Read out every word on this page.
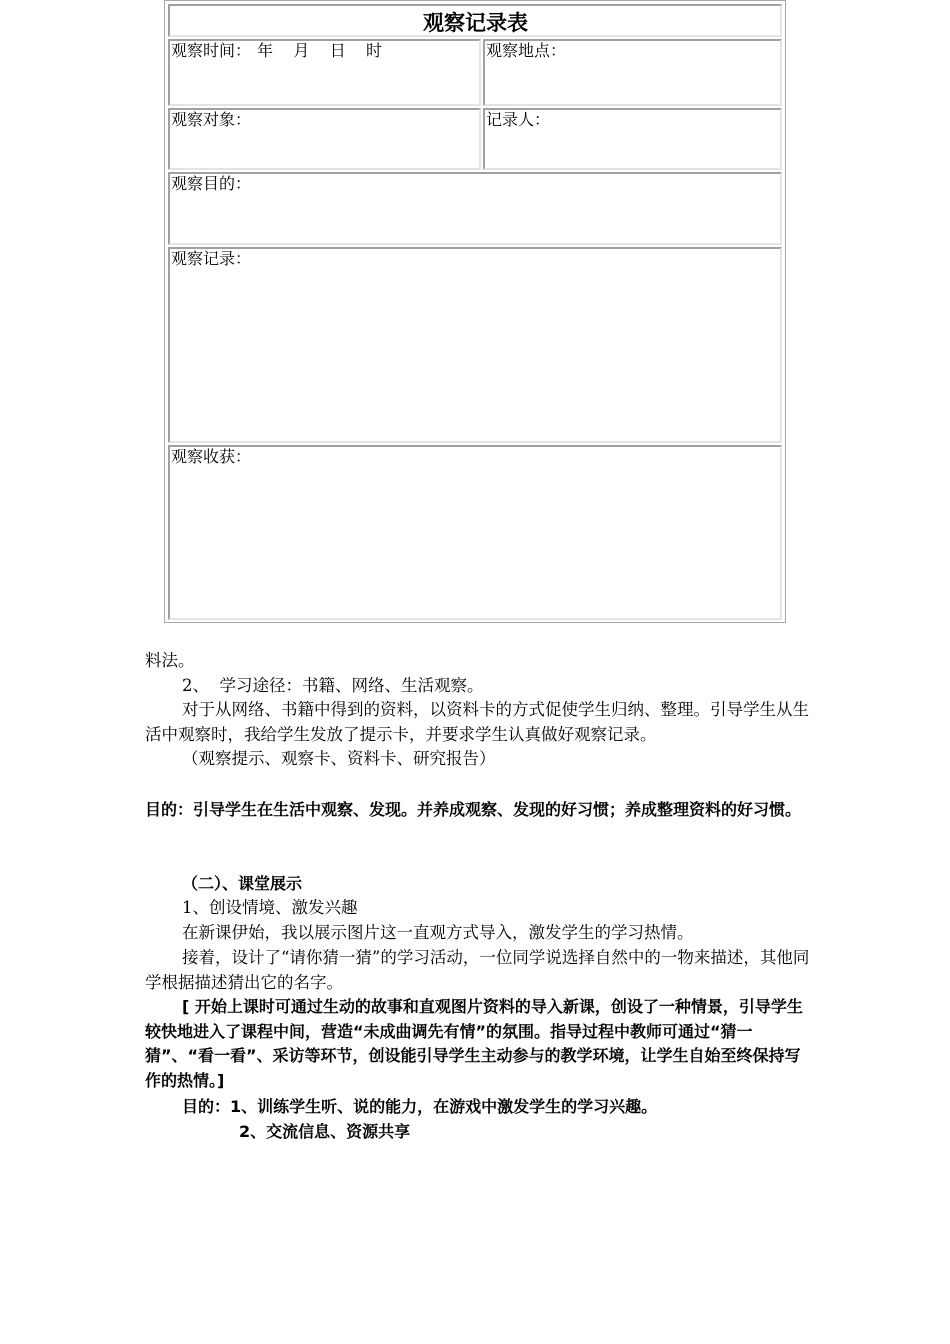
观察记录表
观察时间： 年    月    日    时	观察地点：
观察对象：	记录人：
观察目的：
观察记录：
观察收获：

料法。

2、  学习途径：书籍、网络、生活观察。

对于从网络、书籍中得到的资料，以资料卡的方式促使学生归纳、整理。引导学生从生活中观察时，我给学生发放了提示卡，并要求学生认真做好观察记录。

（观察提示、观察卡、资料卡、研究报告）

目的：引导学生在生活中观察、发现。并养成观察、发现的好习惯；养成整理资料的好习惯。

（二）、课堂展示

1、创设情境、激发兴趣

在新课伊始，我以展示图片这一直观方式导入，激发学生的学习热情。

接着，设计了“请你猜一猜”的学习活动，一位同学说选择自然中的一物来描述，其他同学根据描述猜出它的名字。

[ 开始上课时可通过生动的故事和直观图片资料的导入新课，创设了一种情景，引导学生较快地进入了课程中间，营造“未成曲调先有情”的氛围。指导过程中教师可通过“猜一猜”、“看一看”、采访等环节，创设能引导学生主动参与的教学环境，让学生自始至终保持写作的热情。]

目的：1、训练学生听、说的能力，在游戏中激发学生的学习兴趣。

2、交流信息、资源共享
